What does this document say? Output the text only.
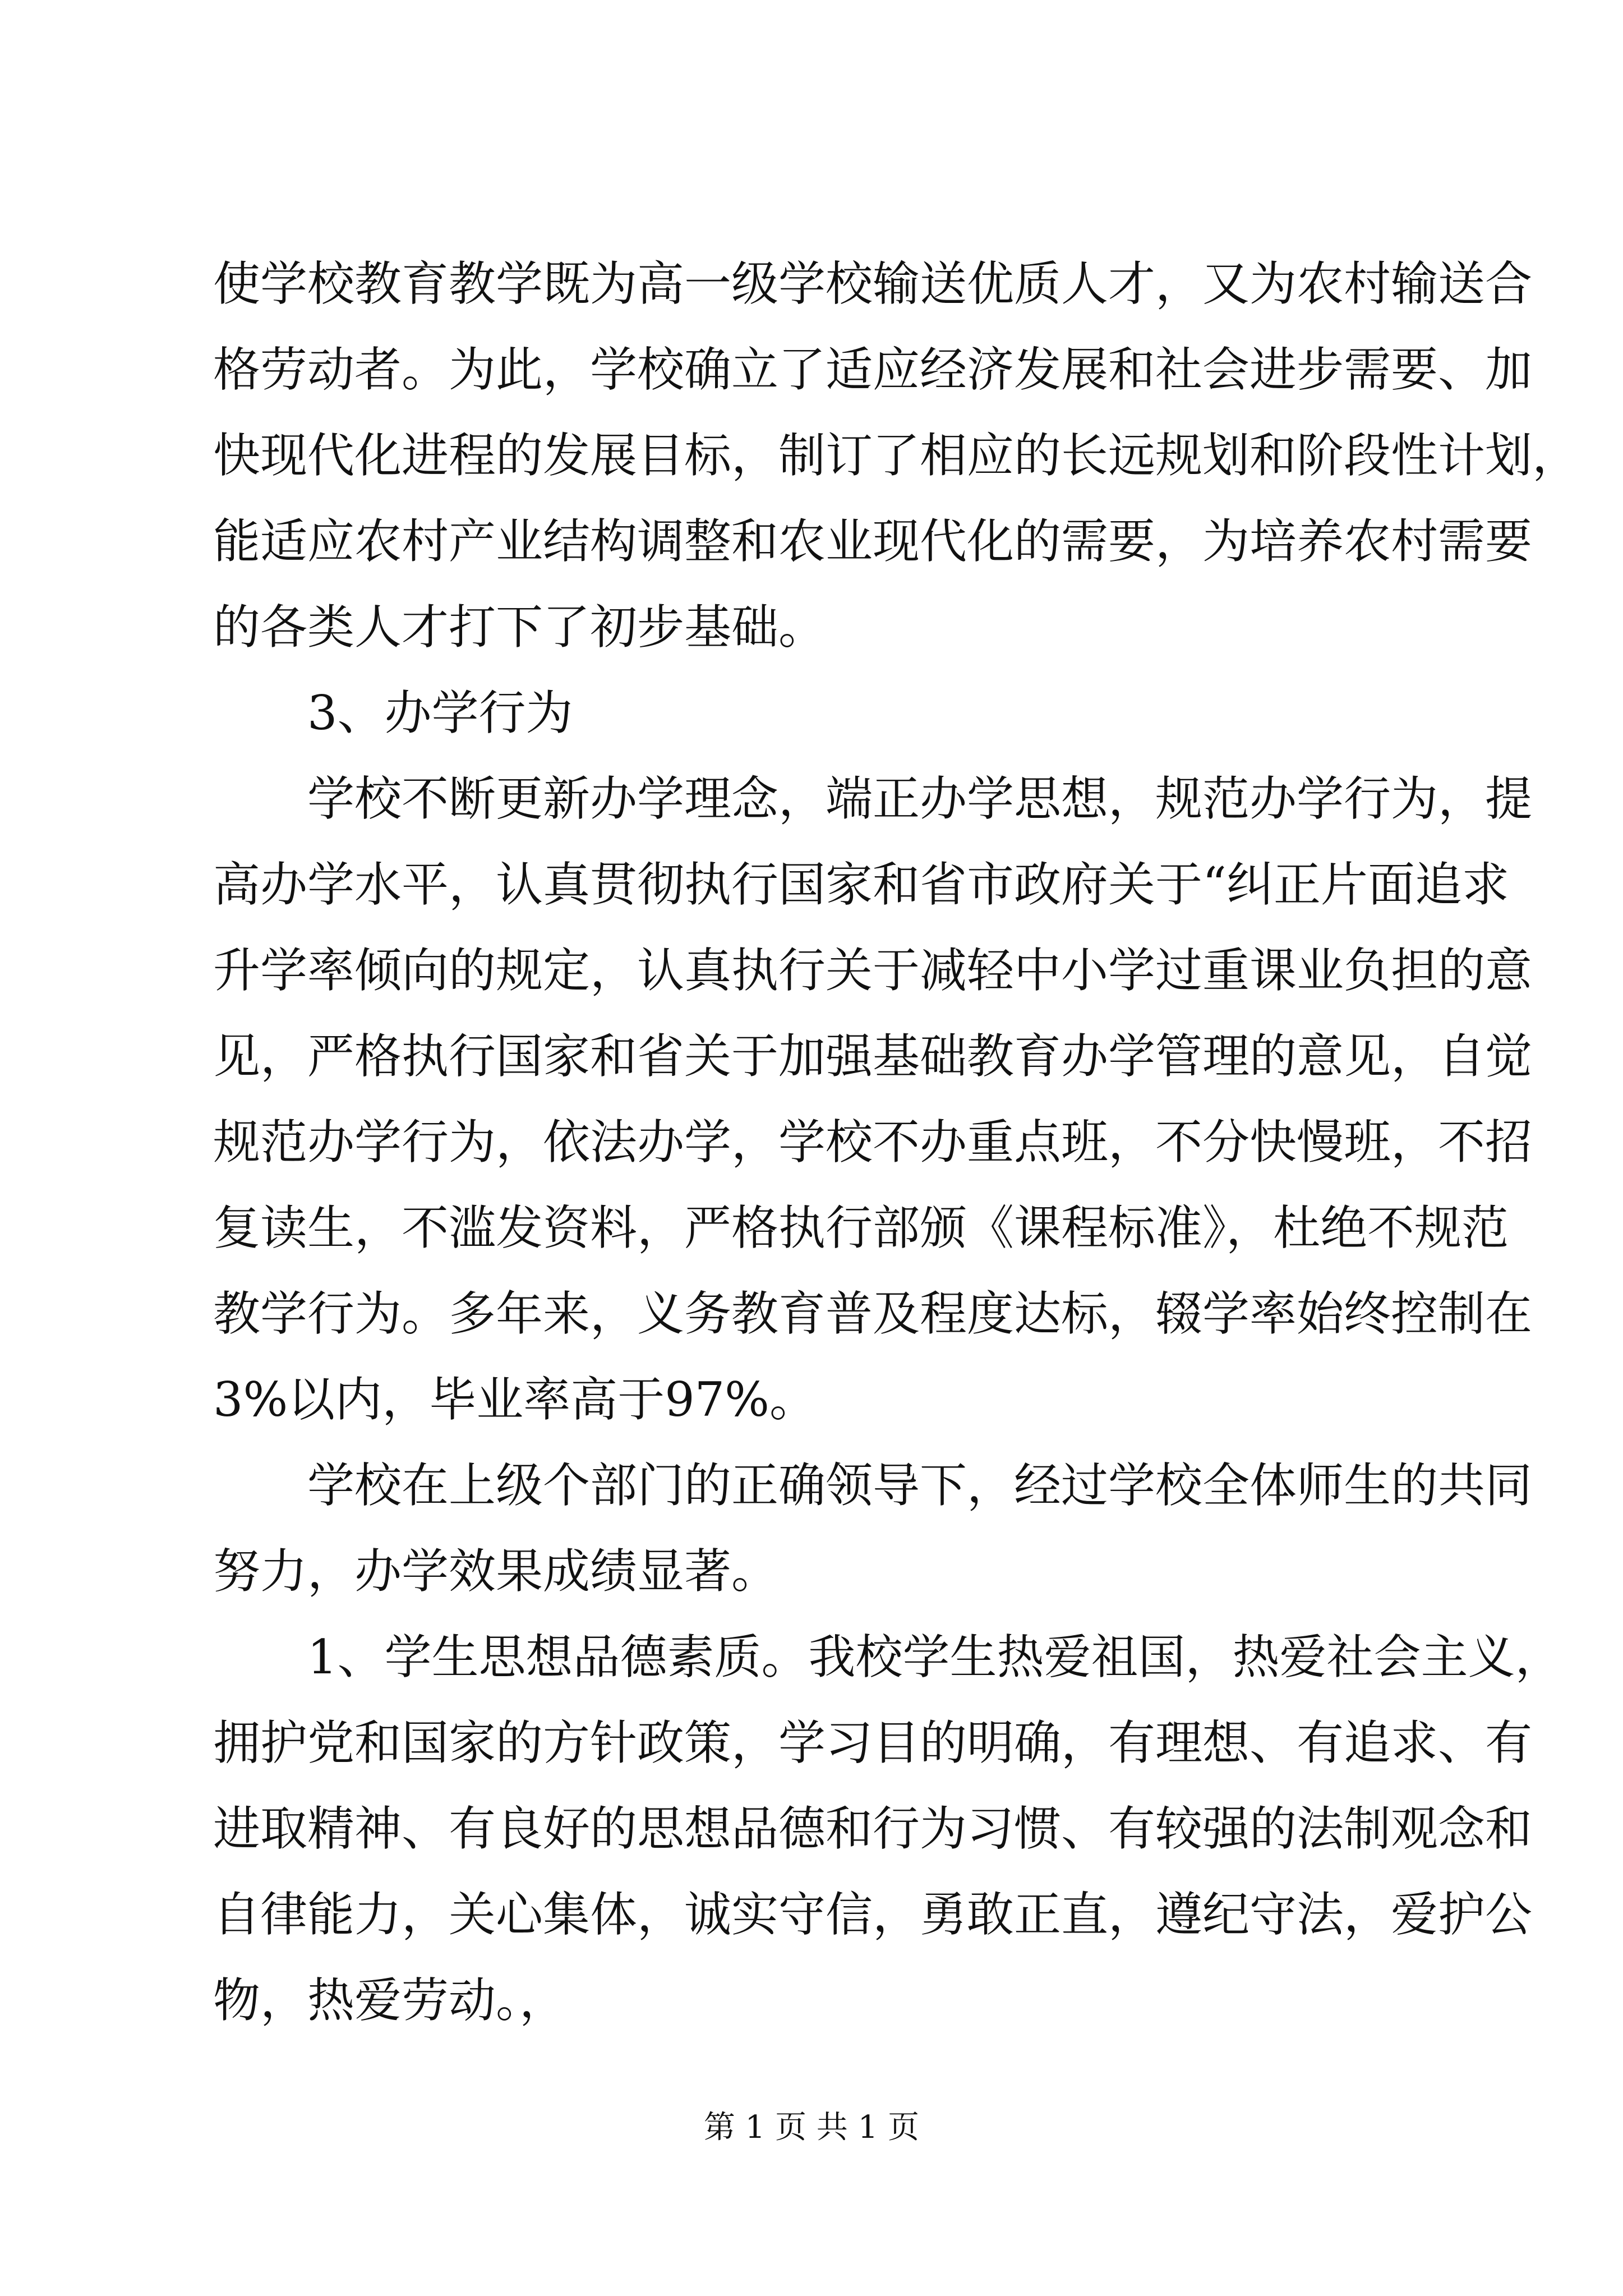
使学校教育教学既为高一级学校输送优质人才，又为农村输送合
格劳动者。为此，学校确立了适应经济发展和社会进步需要、加
快现代化进程的发展目标，制订了相应的长远规划和阶段性计划，
能适应农村产业结构调整和农业现代化的需要，为培养农村需要
的各类人才打下了初步基础。
3、办学行为
学校不断更新办学理念，端正办学思想，规范办学行为，提
高办学水平，认真贯彻执行国家和省市政府关于“纠正片面追求
升学率倾向的规定，认真执行关于减轻中小学过重课业负担的意
见，严格执行国家和省关于加强基础教育办学管理的意见，自觉
规范办学行为，依法办学，学校不办重点班，不分快慢班，不招
复读生，不滥发资料，严格执行部颁《课程标准》，杜绝不规范
教学行为。多年来，义务教育普及程度达标，辍学率始终控制在
3%以内，毕业率高于97%。
学校在上级个部门的正确领导下，经过学校全体师生的共同
努力，办学效果成绩显著。
1、学生思想品德素质。我校学生热爱祖国，热爱社会主义，
拥护党和国家的方针政策，学习目的明确，有理想、有追求、有
进取精神、有良好的思想品德和行为习惯、有较强的法制观念和
自律能力，关心集体，诚实守信，勇敢正直，遵纪守法，爱护公
物，热爱劳动。，
第 1 页 共 1 页
